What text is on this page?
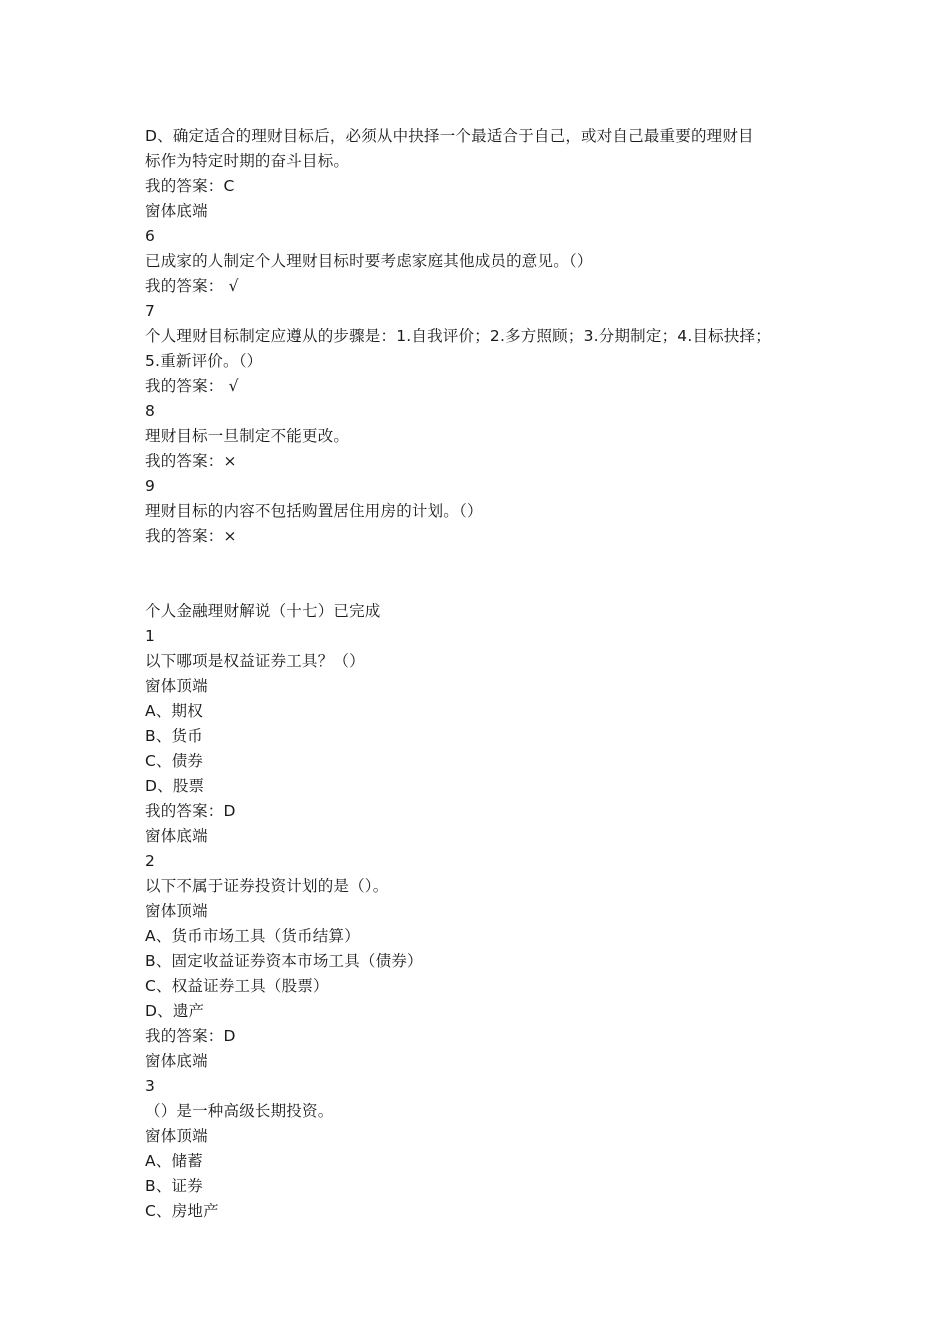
D、确定适合的理财目标后，必须从中抉择一个最适合于自己，或对自己最重要的理财目
标作为特定时期的奋斗目标。
我的答案：C
窗体底端
6
已成家的人制定个人理财目标时要考虑家庭其他成员的意见。（）
我的答案： √
7
个人理财目标制定应遵从的步骤是：1.自我评价；2.多方照顾；3.分期制定；4.目标抉择；
5.重新评价。（）
我的答案： √
8
理财目标一旦制定不能更改。
我的答案：×
9
理财目标的内容不包括购置居住用房的计划。（）
我的答案：×
个人金融理财解说（十七）已完成
1
以下哪项是权益证券工具？（）
窗体顶端
A、期权
B、货币
C、债券
D、股票
我的答案：D
窗体底端
2
以下不属于证券投资计划的是（）。
窗体顶端
A、货币市场工具（货币结算）
B、固定收益证券资本市场工具（债券）
C、权益证券工具（股票）
D、遗产
我的答案：D
窗体底端
3
（）是一种高级长期投资。
窗体顶端
A、储蓄
B、证券
C、房地产
